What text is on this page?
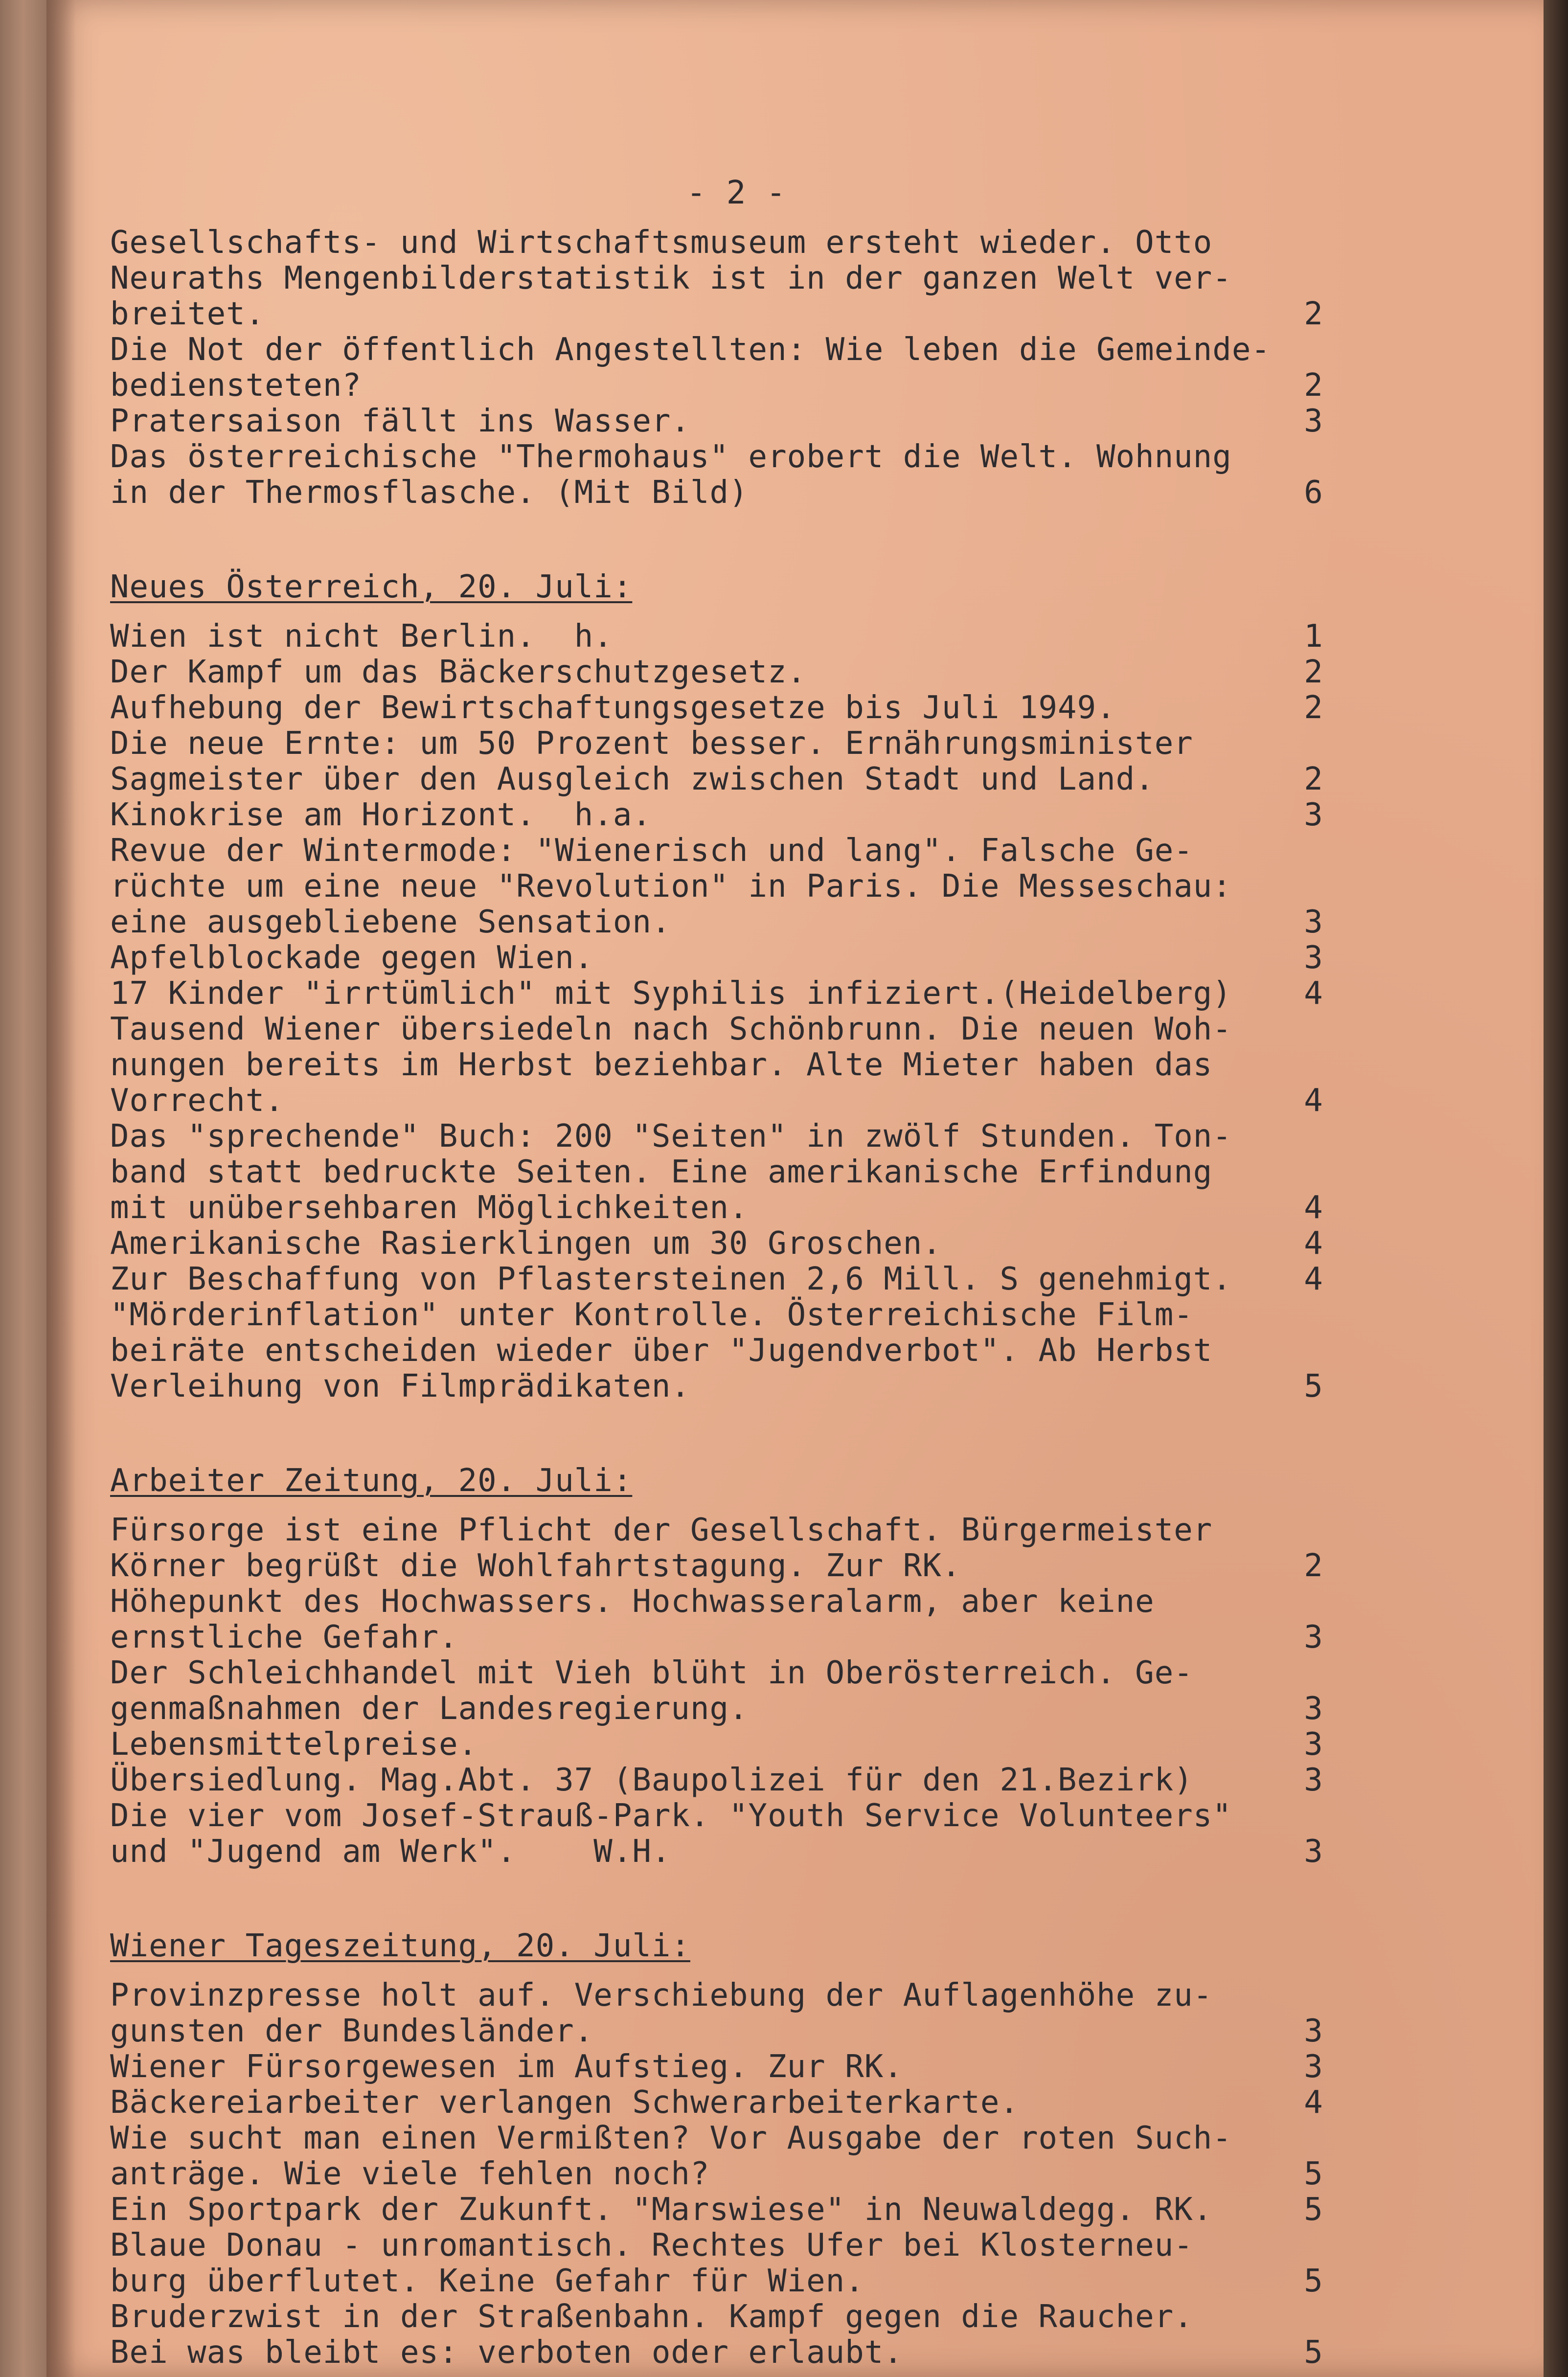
- 2 -
Gesellschafts- und Wirtschaftsmuseum ersteht wieder. Otto
Neuraths Mengenbilderstatistik ist in der ganzen Welt ver-
breitet.	2
Die Not der öffentlich Angestellten: Wie leben die Gemeinde-
bediensteten?	2
Pratersaison fällt ins Wasser.	3
Das österreichische "Thermohaus" erobert die Welt. Wohnung
in der Thermosflasche. (Mit Bild)	6
Neues Österreich, 20. Juli:
Wien ist nicht Berlin.  h.	1
Der Kampf um das Bäckerschutzgesetz.	2
Aufhebung der Bewirtschaftungsgesetze bis Juli 1949.	2
Die neue Ernte: um 50 Prozent besser. Ernährungsminister
Sagmeister über den Ausgleich zwischen Stadt und Land.	2
Kinokrise am Horizont.  h.a.	3
Revue der Wintermode: "Wienerisch und lang". Falsche Ge-
rüchte um eine neue "Revolution" in Paris. Die Messeschau:
eine ausgebliebene Sensation.	3
Apfelblockade gegen Wien.	3
17 Kinder "irrtümlich" mit Syphilis infiziert.(Heidelberg)	4
Tausend Wiener übersiedeln nach Schönbrunn. Die neuen Woh-
nungen bereits im Herbst beziehbar. Alte Mieter haben das
Vorrecht.	4
Das "sprechende" Buch: 200 "Seiten" in zwölf Stunden. Ton-
band statt bedruckte Seiten. Eine amerikanische Erfindung
mit unübersehbaren Möglichkeiten.	4
Amerikanische Rasierklingen um 30 Groschen.	4
Zur Beschaffung von Pflastersteinen 2,6 Mill. S genehmigt.	4
"Mörderinflation" unter Kontrolle. Österreichische Film-
beiräte entscheiden wieder über "Jugendverbot". Ab Herbst
Verleihung von Filmprädikaten.	5
Arbeiter Zeitung, 20. Juli:
Fürsorge ist eine Pflicht der Gesellschaft. Bürgermeister
Körner begrüßt die Wohlfahrtstagung. Zur RK.	2
Höhepunkt des Hochwassers. Hochwasseralarm, aber keine
ernstliche Gefahr.	3
Der Schleichhandel mit Vieh blüht in Oberösterreich. Ge-
genmaßnahmen der Landesregierung.	3
Lebensmittelpreise.	3
Übersiedlung. Mag.Abt. 37 (Baupolizei für den 21.Bezirk)	3
Die vier vom Josef-Strauß-Park. "Youth Service Volunteers"
und "Jugend am Werk".    W.H.	3
Wiener Tageszeitung, 20. Juli:
Provinzpresse holt auf. Verschiebung der Auflagenhöhe zu-
gunsten der Bundesländer.	3
Wiener Fürsorgewesen im Aufstieg. Zur RK.	3
Bäckereiarbeiter verlangen Schwerarbeiterkarte.	4
Wie sucht man einen Vermißten? Vor Ausgabe der roten Such-
anträge. Wie viele fehlen noch?	5
Ein Sportpark der Zukunft. "Marswiese" in Neuwaldegg. RK.	5
Blaue Donau - unromantisch. Rechtes Ufer bei Klosterneu-
burg überflutet. Keine Gefahr für Wien.	5
Bruderzwist in der Straßenbahn. Kampf gegen die Raucher.
Bei was bleibt es: verboten oder erlaubt.	5
